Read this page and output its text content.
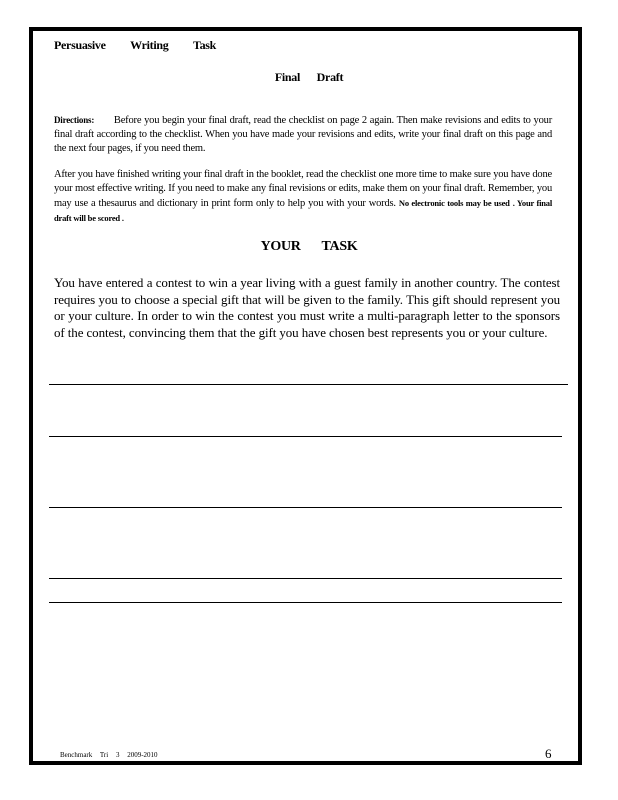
Persuasive Writing Task
Final Draft
Directions: Before you begin your final draft, read the checklist on page 2 again. Then make revisions and edits to your final draft according to the checklist. When you have made your revisions and edits, write your final draft on this page and the next four pages, if you need them.
After you have finished writing your final draft in the booklet, read the checklist one more time to make sure you have done your most effective writing. If you need to make any final revisions or edits, make them on your final draft. Remember, you may use a thesaurus and dictionary in print form only to help you with your words. No electronic tools may be used . Your final draft will be scored .
YOUR TASK
You have entered a contest to win a year living with a guest family in another country. The contest requires you to choose a special gift that will be given to the family. This gift should represent you or your culture. In order to win the contest you must write a multi-paragraph letter to the sponsors of the contest, convincing them that the gift you have chosen best represents you or your culture.
Benchmark Tri 3 2009-2010	6
